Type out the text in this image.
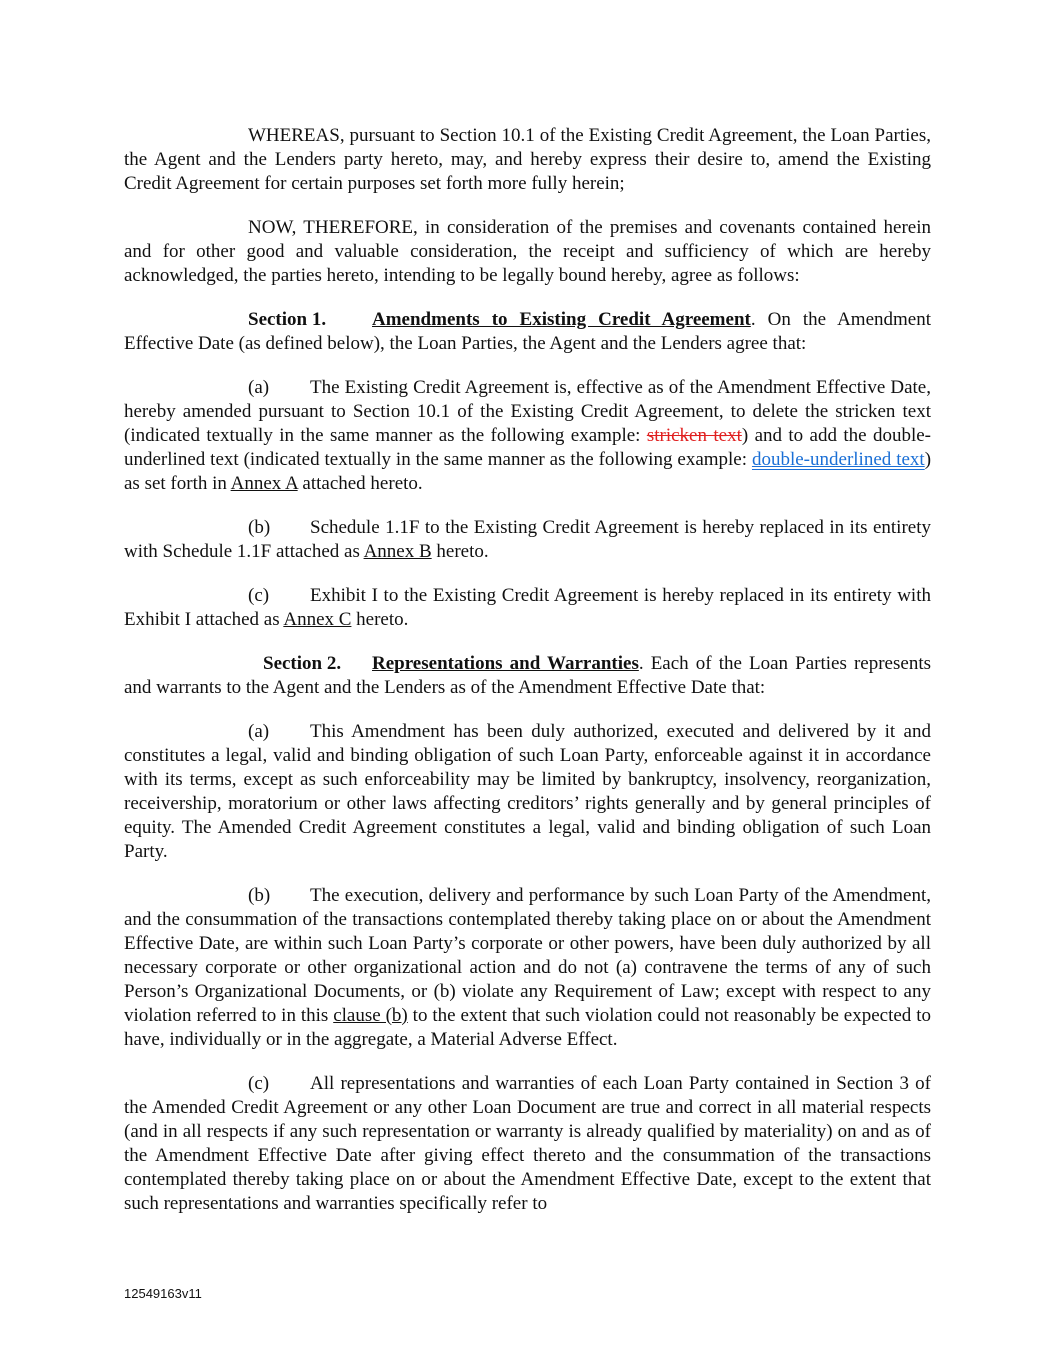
WHEREAS, pursuant to Section 10.1 of the Existing Credit Agreement, the Loan Parties, the Agent and the Lenders party hereto, may, and hereby express their desire to, amend the Existing Credit Agreement for certain purposes set forth more fully herein;

NOW, THEREFORE, in consideration of the premises and covenants contained herein and for other good and valuable consideration, the receipt and sufficiency of which are hereby acknowledged, the parties hereto, intending to be legally bound hereby, agree as follows:

Section 1. Amendments to Existing Credit Agreement. On the Amendment Effective Date (as defined below), the Loan Parties, the Agent and the Lenders agree that:

(a) The Existing Credit Agreement is, effective as of the Amendment Effective Date, hereby amended pursuant to Section 10.1 of the Existing Credit Agreement, to delete the stricken text (indicated textually in the same manner as the following example: stricken text) and to add the double-underlined text (indicated textually in the same manner as the following example: double-underlined text) as set forth in Annex A attached hereto.

(b) Schedule 1.1F to the Existing Credit Agreement is hereby replaced in its entirety with Schedule 1.1F attached as Annex B hereto.

(c) Exhibit I to the Existing Credit Agreement is hereby replaced in its entirety with Exhibit I attached as Annex C hereto.

Section 2. Representations and Warranties. Each of the Loan Parties represents and warrants to the Agent and the Lenders as of the Amendment Effective Date that:

(a) This Amendment has been duly authorized, executed and delivered by it and constitutes a legal, valid and binding obligation of such Loan Party, enforceable against it in accordance with its terms, except as such enforceability may be limited by bankruptcy, insolvency, reorganization, receivership, moratorium or other laws affecting creditors’ rights generally and by general principles of equity. The Amended Credit Agreement constitutes a legal, valid and binding obligation of such Loan Party.

(b) The execution, delivery and performance by such Loan Party of the Amendment, and the consummation of the transactions contemplated thereby taking place on or about the Amendment Effective Date, are within such Loan Party’s corporate or other powers, have been duly authorized by all necessary corporate or other organizational action and do not (a) contravene the terms of any of such Person’s Organizational Documents, or (b) violate any Requirement of Law; except with respect to any violation referred to in this clause (b) to the extent that such violation could not reasonably be expected to have, individually or in the aggregate, a Material Adverse Effect.

(c) All representations and warranties of each Loan Party contained in Section 3 of the Amended Credit Agreement or any other Loan Document are true and correct in all material respects (and in all respects if any such representation or warranty is already qualified by materiality) on and as of the Amendment Effective Date after giving effect thereto and the consummation of the transactions contemplated thereby taking place on or about the Amendment Effective Date, except to the extent that such representations and warranties specifically refer to

12549163v11
